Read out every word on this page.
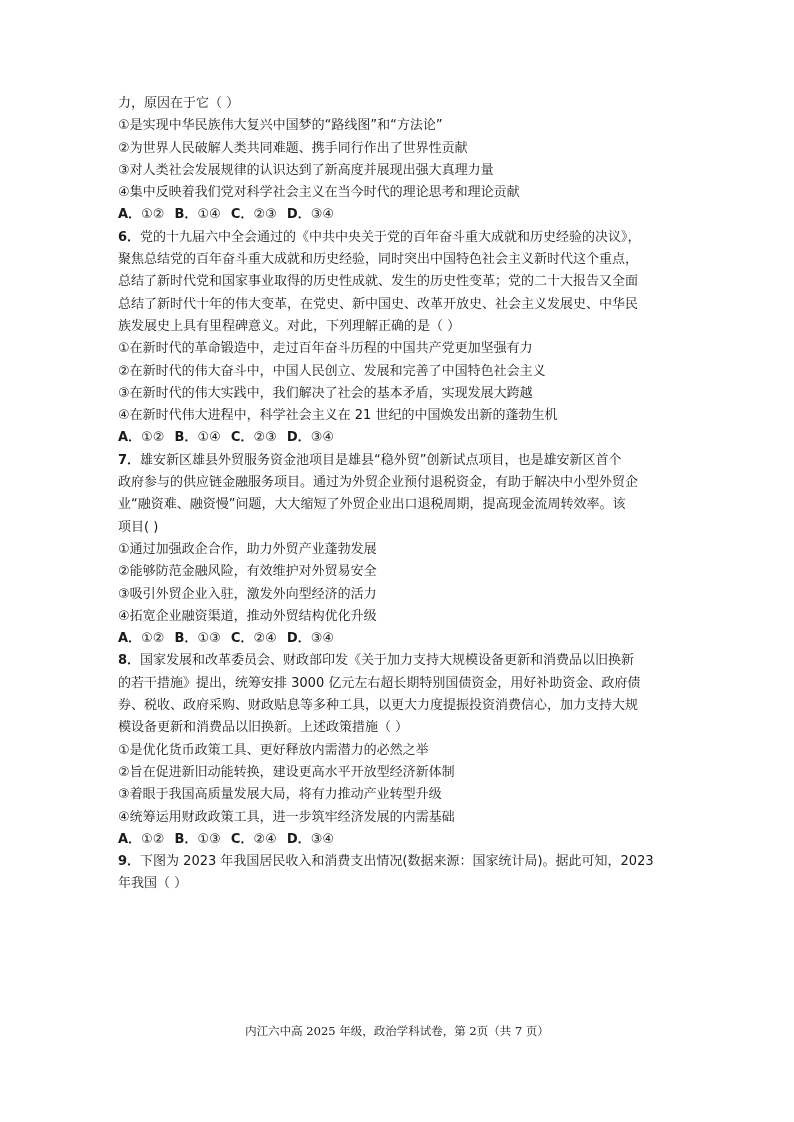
力，原因在于它（ ）
①是实现中华民族伟大复兴中国梦的“路线图”和“方法论”
②为世界人民破解人类共同难题、携手同行作出了世界性贡献
③对人类社会发展规律的认识达到了新高度并展现出强大真理力量
④集中反映着我们党对科学社会主义在当今时代的理论思考和理论贡献
A．①② B．①④ C．②③ D．③④
6．党的十九届六中全会通过的《中共中央关于党的百年奋斗重大成就和历史经验的决议》，
聚焦总结党的百年奋斗重大成就和历史经验，同时突出中国特色社会主义新时代这个重点，
总结了新时代党和国家事业取得的历史性成就、发生的历史性变革；党的二十大报告又全面
总结了新时代十年的伟大变革，在党史、新中国史、改革开放史、社会主义发展史、中华民
族发展史上具有里程碑意义。对此，下列理解正确的是（ ）
①在新时代的革命锻造中，走过百年奋斗历程的中国共产党更加坚强有力
②在新时代的伟大奋斗中，中国人民创立、发展和完善了中国特色社会主义
③在新时代的伟大实践中，我们解决了社会的基本矛盾，实现发展大跨越
④在新时代伟大进程中，科学社会主义在 21 世纪的中国焕发出新的蓬勃生机
A．①② B．①④ C．②③ D．③④
7．雄安新区雄县外贸服务资金池项目是雄县“稳外贸”创新试点项目，也是雄安新区首个
政府参与的供应链金融服务项目。通过为外贸企业预付退税资金，有助于解决中小型外贸企
业“融资难、融资慢”问题，大大缩短了外贸企业出口退税周期，提高现金流周转效率。该
项目( )
①通过加强政企合作，助力外贸产业蓬勃发展
②能够防范金融风险，有效维护对外贸易安全
③吸引外贸企业入驻，激发外向型经济的活力
④拓宽企业融资渠道，推动外贸结构优化升级
A．①② B．①③ C．②④ D．③④
8．国家发展和改革委员会、财政部印发《关于加力支持大规模设备更新和消费品以旧换新
的若干措施》提出，统筹安排 3000 亿元左右超长期特别国债资金，用好补助资金、政府债
券、税收、政府采购、财政贴息等多种工具，以更大力度提振投资消费信心，加力支持大规
模设备更新和消费品以旧换新。上述政策措施（ ）
①是优化货币政策工具、更好释放内需潜力的必然之举
②旨在促进新旧动能转换，建设更高水平开放型经济新体制
③着眼于我国高质量发展大局，将有力推动产业转型升级
④统筹运用财政政策工具，进一步筑牢经济发展的内需基础
A．①② B．①③ C．②④ D．③④
9．下图为 2023 年我国居民收入和消费支出情况(数据来源：国家统计局)。据此可知，2023
年我国（ ）
内江六中高 2025 年级，政治学科试卷，第 2页（共 7 页）
